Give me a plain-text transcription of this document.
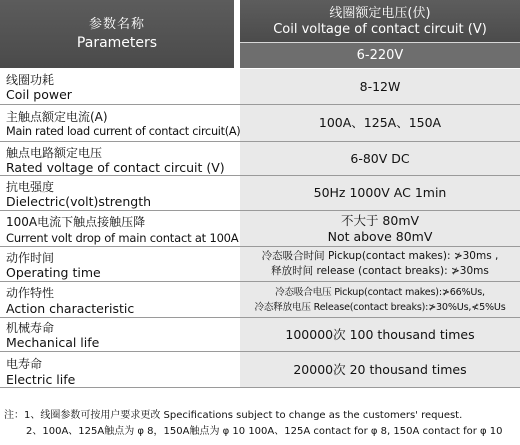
参数名称
Parameters
线圈额定电压(伏)
Coil voltage of contact circuit (V)
6-220V
线圈功耗
Coil power
8-12W
主触点额定电流(A)
Main rated load current of contact circuit(A)
100A、125A、150A
触点电路额定电压
Rated voltage of contact circuit (V)
6-80V DC
抗电强度
Dielectric(volt)strength
50Hz 1000V AC 1min
100A电流下触点接触压降
Current volt drop of main contact at 100A
不大于 80mV
Not above 80mV
动作时间
Operating time
冷态吸合时间 Pickup(contact makes): ≯30ms ,
释放时间 release (contact breaks): ≯30ms
动作特性
Action characteristic
冷态吸合电压 Pickup(contact makes):≯66%Us,
冷态释放电压 Release(contact breaks):≯30%Us,≮5%Us
机械寿命
Mechanical life
100000次 100 thousand times
电寿命
Electric life
20000次 20 thousand times
注：1、线圈参数可按用户要求更改 Specifications subject to change as the customers' request.
2、100A、125A触点为 φ 8，150A触点为 φ 10 100A、125A contact for φ 8, 150A contact for φ 10
